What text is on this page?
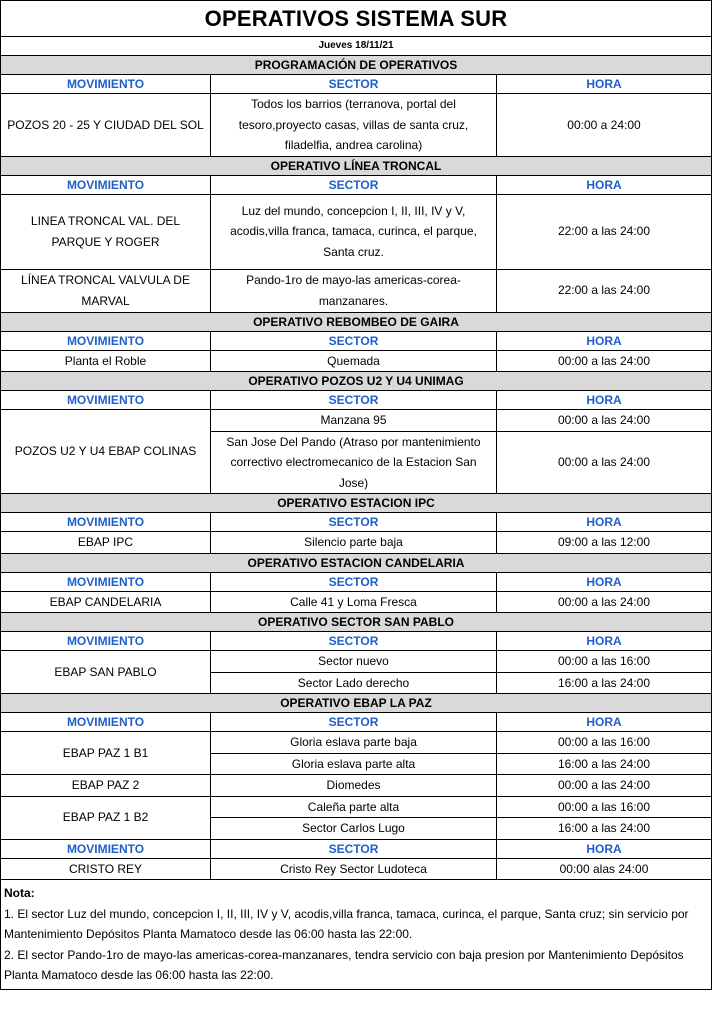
OPERATIVOS SISTEMA SUR		
Jueves 18/11/21		
PROGRAMACIÓN DE OPERATIVOS		
MOVIMIENTO	SECTOR	HORA
POZOS 20 - 25 Y CIUDAD DEL SOL	Todos los barrios (terranova, portal del tesoro,proyecto casas, villas de santa cruz, filadelfia, andrea carolina)	00:00 a 24:00
OPERATIVO LÍNEA TRONCAL		
MOVIMIENTO	SECTOR	HORA
LINEA TRONCAL VAL. DEL PARQUE Y ROGER	Luz del mundo, concepcion I, II, III, IV y V, acodis,villa franca, tamaca, curinca, el parque, Santa cruz.	22:00 a las 24:00
LÍNEA TRONCAL VALVULA DE MARVAL	Pando-1ro de mayo-las americas-corea-manzanares.	22:00 a las 24:00
OPERATIVO REBOMBEO DE GAIRA		
MOVIMIENTO	SECTOR	HORA
Planta el Roble	Quemada	00:00 a las 24:00
OPERATIVO POZOS U2 Y U4 UNIMAG		
MOVIMIENTO	SECTOR	HORA
POZOS U2 Y U4 EBAP COLINAS	Manzana 95	00:00 a las 24:00
	San Jose Del Pando (Atraso por mantenimiento correctivo electromecanico de la Estacion San Jose)	00:00 a las 24:00
OPERATIVO ESTACION IPC		
MOVIMIENTO	SECTOR	HORA
EBAP IPC	Silencio parte baja	09:00 a las 12:00
OPERATIVO ESTACION CANDELARIA		
MOVIMIENTO	SECTOR	HORA
EBAP CANDELARIA	Calle 41 y Loma Fresca	00:00 a las 24:00
OPERATIVO SECTOR SAN PABLO		
MOVIMIENTO	SECTOR	HORA
EBAP SAN PABLO	Sector nuevo	00:00 a las 16:00
	Sector Lado derecho	16:00 a las 24:00
OPERATIVO EBAP LA PAZ		
MOVIMIENTO	SECTOR	HORA
EBAP PAZ 1 B1	Gloria eslava parte baja	00:00 a las 16:00
	Gloria eslava parte alta	16:00 a las 24:00
EBAP PAZ 2	Diomedes	00:00 a las 24:00
EBAP PAZ 1 B2	Caleña parte alta	00:00 a las 16:00
	Sector Carlos Lugo	16:00 a las 24:00
MOVIMIENTO	SECTOR	HORA
CRISTO REY	Cristo Rey Sector Ludoteca	00:00 alas 24:00

Nota:
1. El sector Luz del mundo, concepcion I, II, III, IV y V, acodis,villa franca, tamaca, curinca, el parque, Santa cruz; sin servicio por Mantenimiento Depósitos Planta Mamatoco desde las 06:00 hasta las 22:00.
2. El sector Pando-1ro de mayo-las americas-corea-manzanares, tendra servicio con baja presion por Mantenimiento Depósitos Planta Mamatoco desde las 06:00 hasta las 22:00.		
